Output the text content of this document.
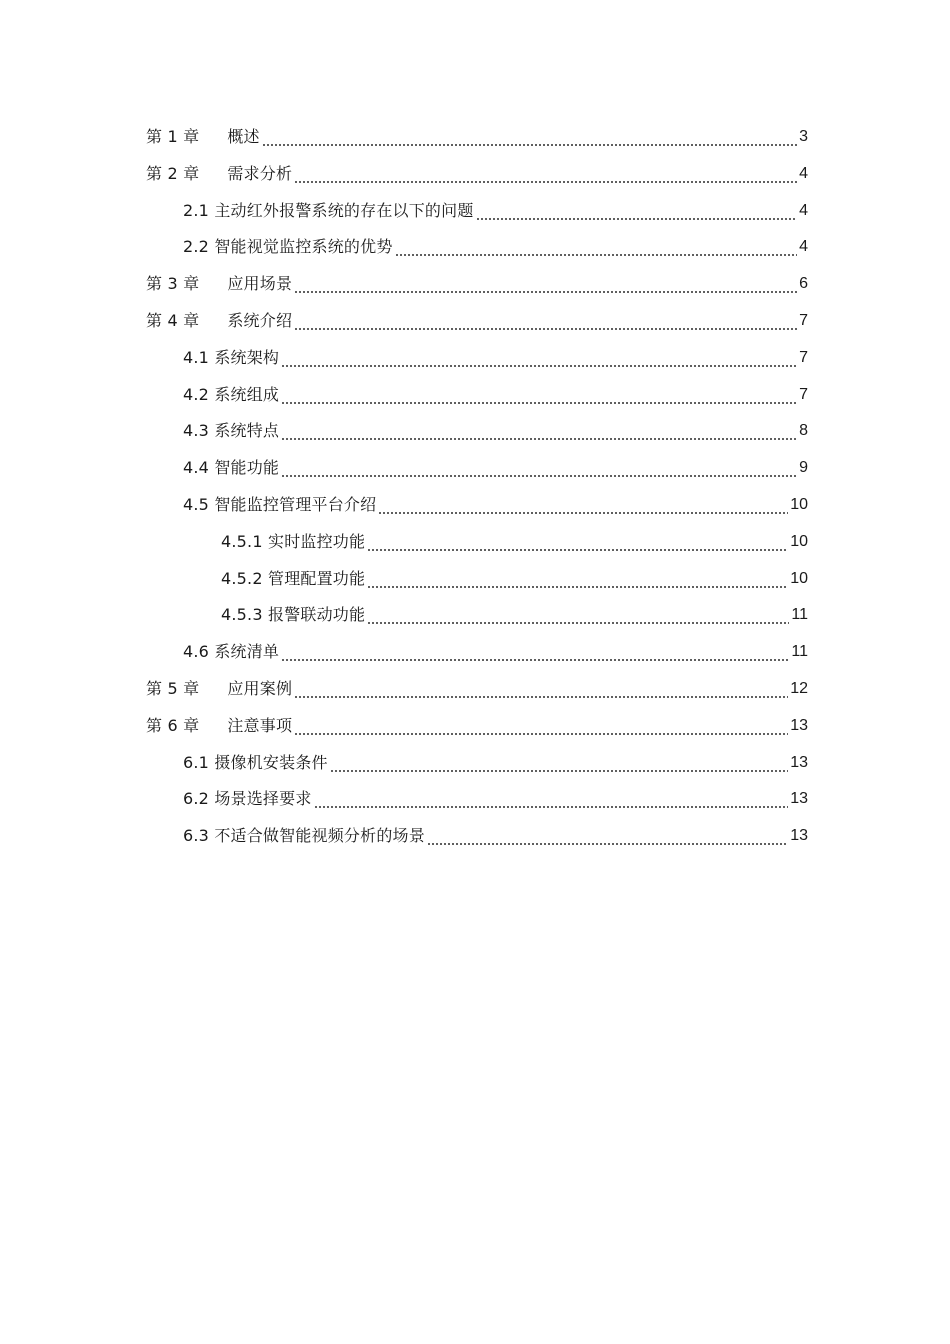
第 1 章 概述	3
第 2 章 需求分析	4
2.1 主动红外报警系统的存在以下的问题	4
2.2 智能视觉监控系统的优势	4
第 3 章 应用场景	6
第 4 章 系统介绍	7
4.1 系统架构	7
4.2 系统组成	7
4.3 系统特点	8
4.4 智能功能	9
4.5 智能监控管理平台介绍	10
4.5.1 实时监控功能	10
4.5.2 管理配置功能	10
4.5.3 报警联动功能	11
4.6 系统清单	11
第 5 章 应用案例	12
第 6 章 注意事项	13
6.1 摄像机安装条件	13
6.2 场景选择要求	13
6.3 不适合做智能视频分析的场景	13
